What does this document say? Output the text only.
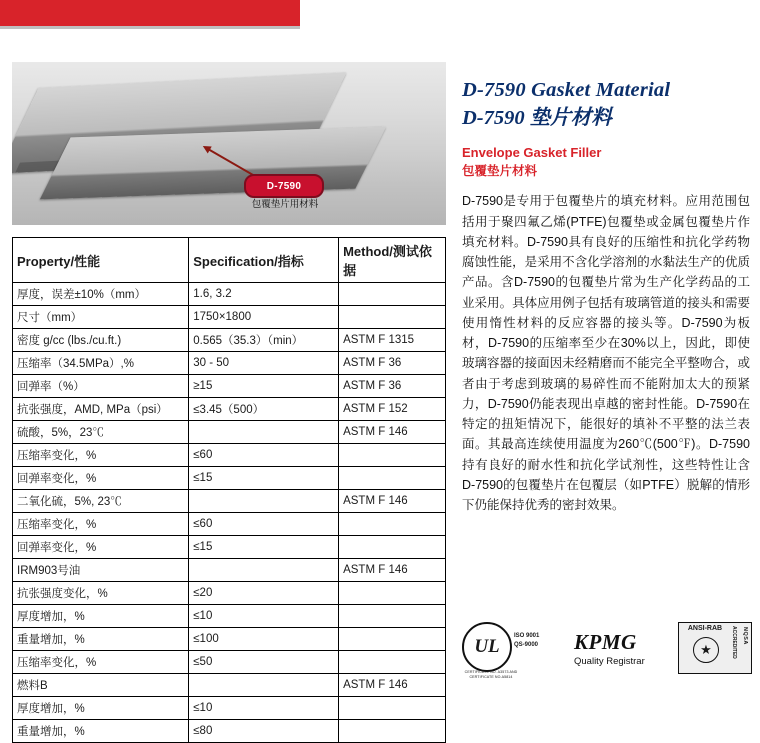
D-7590
包覆垫片用材料
Property/性能	Specification/指标	Method/测试依据
厚度，误差±10%（mm）	1.6, 3.2	
尺寸（mm）	1750×1800	
密度 g/cc (lbs./cu.ft.)	0.565（35.3）（min）	ASTM F 1315
压缩率（34.5MPa）,%	30 - 50	ASTM F 36
回弹率（%）	≥15	ASTM F 36
抗张强度，AMD, MPa（psi）	≤3.45（500）	ASTM F 152
硫酸，5%，23℃		ASTM F 146
压缩率变化，%	≤60	
回弹率变化，%	≤15	
二氧化硫，5%, 23℃		ASTM F 146
压缩率变化，%	≤60	
回弹率变化，%	≤15	
IRM903号油		ASTM F 146
抗张强度变化，%	≤20	
厚度增加，%	≤10	
重量增加，%	≤100	
压缩率变化，%	≤50	
燃料B		ASTM F 146
厚度增加，%	≤10	
重量增加，%	≤80	
D-7590 Gasket Material
D-7590 垫片材料
Envelope Gasket Filler
包覆垫片材料
D-7590是专用于包覆垫片的填充材料。应用范围包括用于聚四氟乙烯(PTFE)包覆垫或金属包覆垫片作填充材料。D-7590具有良好的压缩性和抗化学药物腐蚀性能，是采用不含化学溶剂的水黏法生产的优质产品。含D-7590的包覆垫片常为生产化学药品的工业采用。具体应用例子包括有玻璃管道的接头和需要使用惰性材料的反应容器的接头等。D-7590为板材，D-7590的压缩率至少在30%以上，因此，即使玻璃容器的接面因未经精磨而不能完全平整吻合，或者由于考虑到玻璃的易碎性而不能附加太大的预紧力，D-7590仍能表现出卓越的密封性能。D-7590在特定的扭矩情况下，能很好的填补不平整的法兰表面。其最高连续使用温度为260℃(500℉)。D-7590持有良好的耐水性和抗化学试剂性，这些特性让含D-7590的包覆垫片在包覆层（如PTFE）脱解的情形下仍能保持优秀的密封效果。
UL
CERTIFICATE NO. A3573 AND CERTIFICATE NO.A5814
ISO 9001
QS-9000 KPMG
Quality Registrar
ANSI-RAB
★
NQSA
ACCREDITED
